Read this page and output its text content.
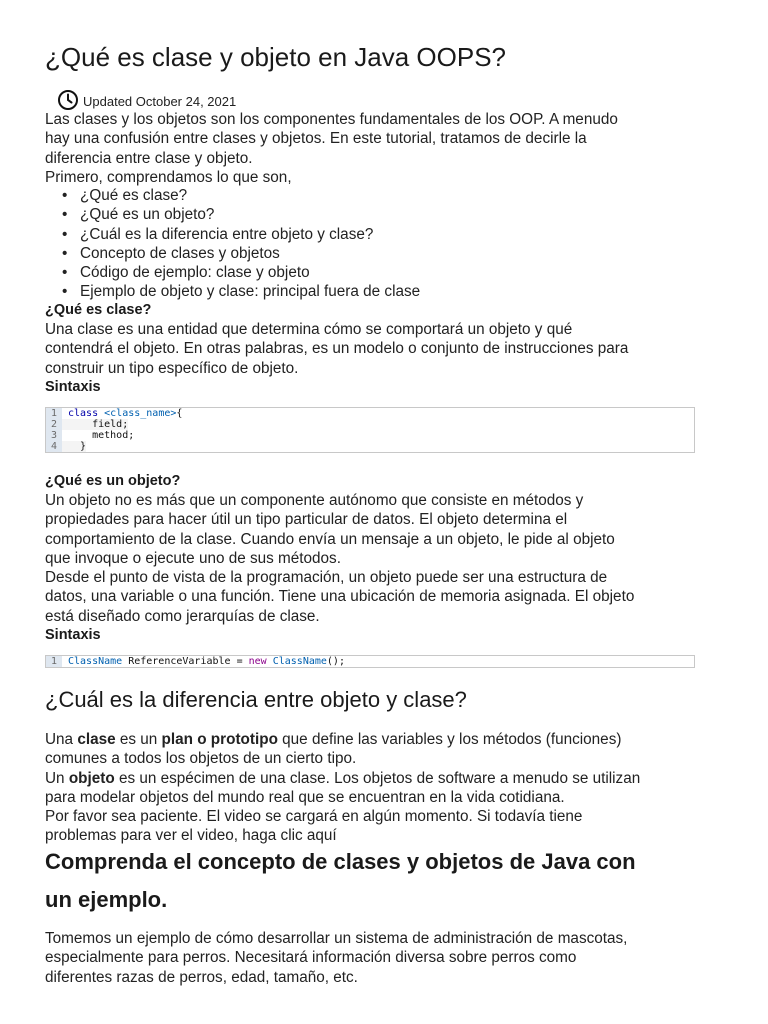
¿Qué es clase y objeto en Java OOPS?
Updated October 24, 2021
Las clases y los objetos son los componentes fundamentales de los OOP. A menudo
hay una confusión entre clases y objetos. En este tutorial, tratamos de decirle la
diferencia entre clase y objeto.
Primero, comprendamos lo que son,
• ¿Qué es clase?
• ¿Qué es un objeto?
• ¿Cuál es la diferencia entre objeto y clase?
• Concepto de clases y objetos
• Código de ejemplo: clase y objeto
• Ejemplo de objeto y clase: principal fuera de clase
¿Qué es clase?
Una clase es una entidad que determina cómo se comportará un objeto y qué
contendrá el objeto. En otras palabras, es un modelo o conjunto de instrucciones para
construir un tipo específico de objeto.
Sintaxis
1	class <class_name>{
2	field;
3	method;
4	}
¿Qué es un objeto?
Un objeto no es más que un componente autónomo que consiste en métodos y
propiedades para hacer útil un tipo particular de datos. El objeto determina el
comportamiento de la clase. Cuando envía un mensaje a un objeto, le pide al objeto
que invoque o ejecute uno de sus métodos.
Desde el punto de vista de la programación, un objeto puede ser una estructura de
datos, una variable o una función. Tiene una ubicación de memoria asignada. El objeto
está diseñado como jerarquías de clase.
Sintaxis
1	ClassName ReferenceVariable = new ClassName();
¿Cuál es la diferencia entre objeto y clase?
Una clase es un plan o prototipo que define las variables y los métodos (funciones)
comunes a todos los objetos de un cierto tipo.
Un objeto es un espécimen de una clase. Los objetos de software a menudo se utilizan
para modelar objetos del mundo real que se encuentran en la vida cotidiana.
Por favor sea paciente. El video se cargará en algún momento. Si todavía tiene
problemas para ver el video, haga clic aquí
Comprenda el concepto de clases y objetos de Java con
un ejemplo.
Tomemos un ejemplo de cómo desarrollar un sistema de administración de mascotas,
especialmente para perros. Necesitará información diversa sobre perros como
diferentes razas de perros, edad, tamaño, etc.
